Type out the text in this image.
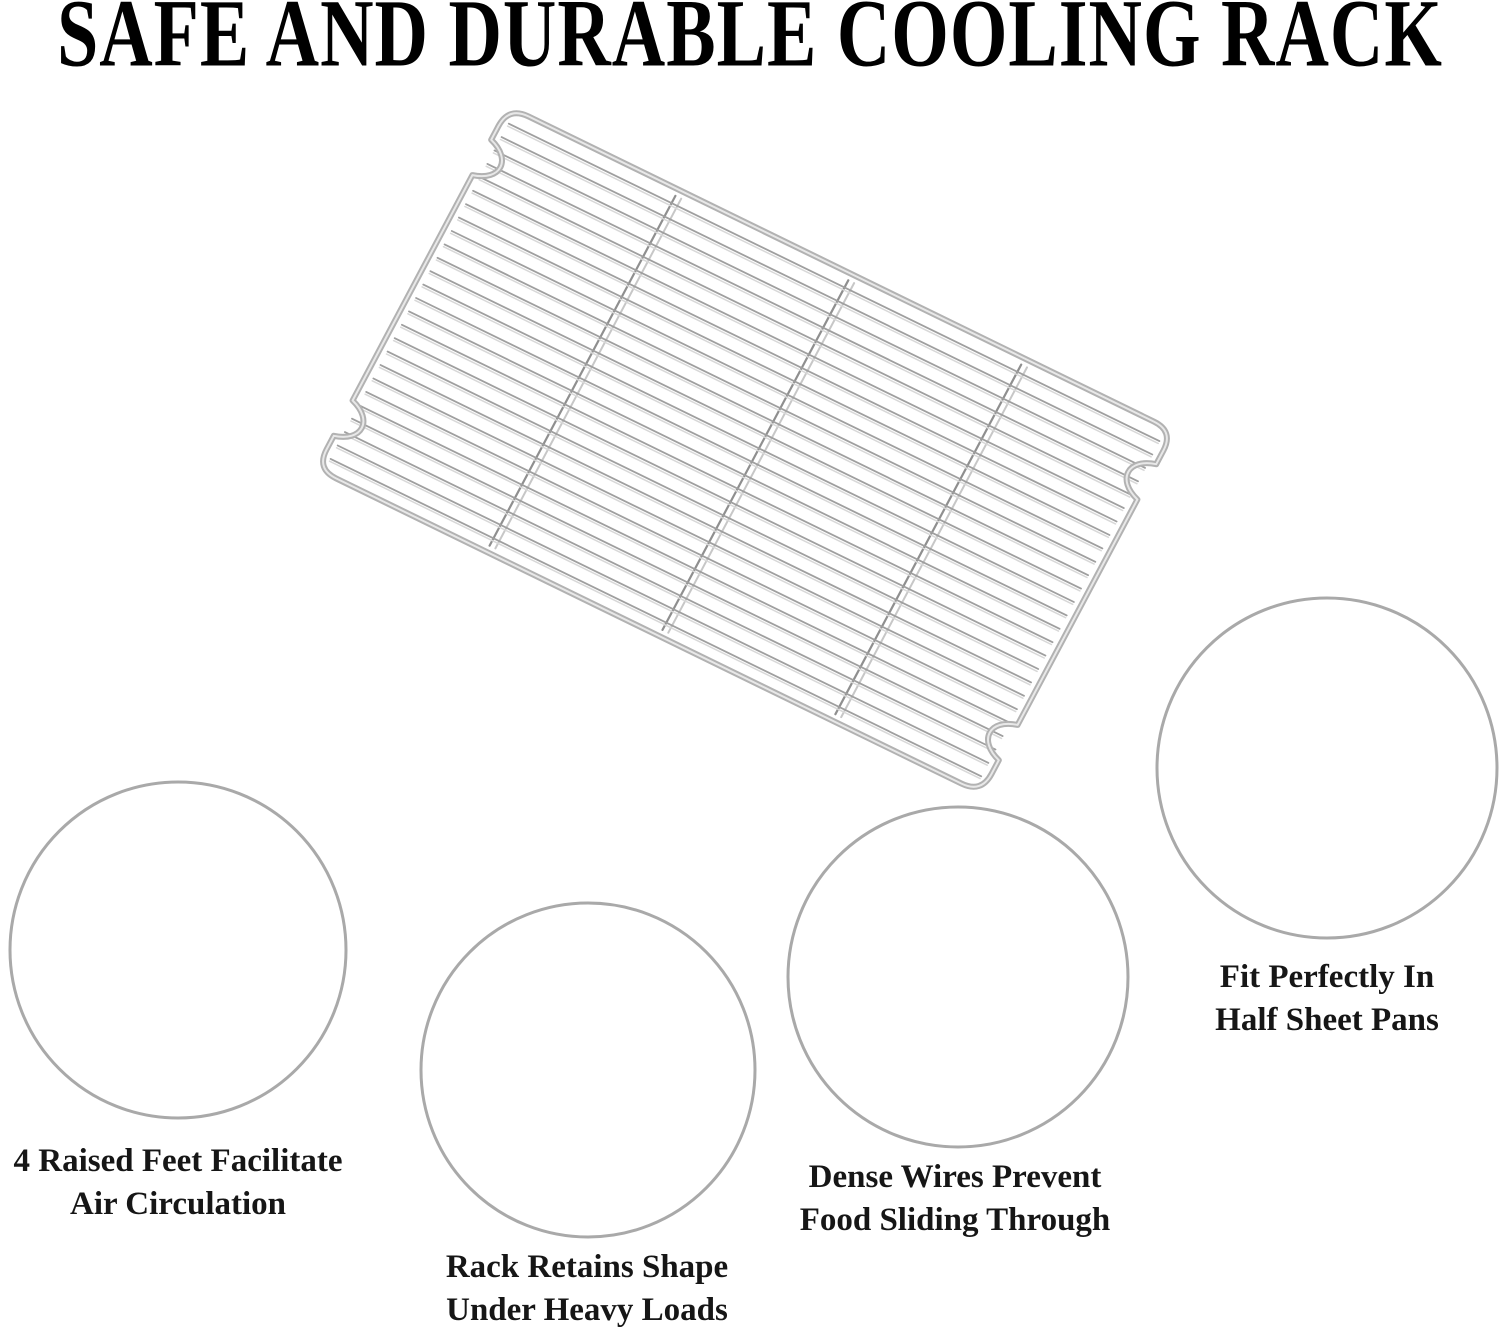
SAFE AND DURABLE COOLING RACK
4 Raised Feet Facilitate
Air Circulation
Rack Retains Shape
Under Heavy Loads
Dense Wires Prevent
Food Sliding Through
Fit Perfectly In
Half Sheet Pans
